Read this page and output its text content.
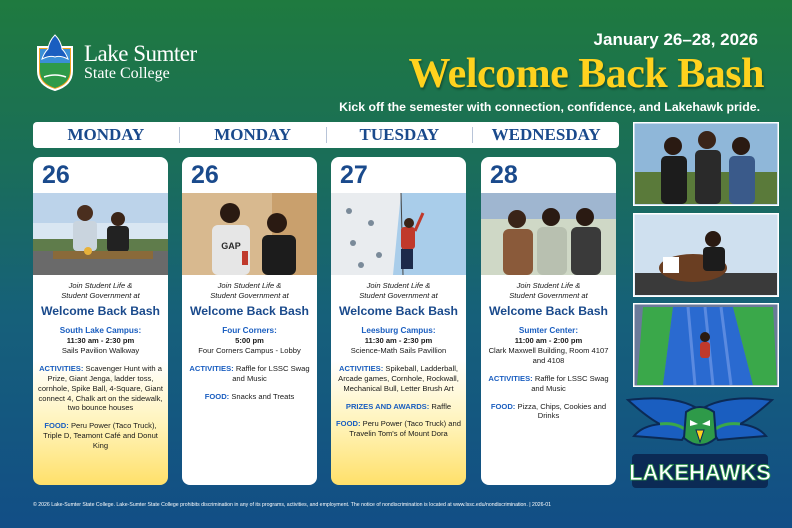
Lake Sumter
State College
January 26–28, 2026
Welcome Back Bash
Kick off the semester with connection, confidence, and Lakehawk pride.
MONDAY	MONDAY	TUESDAY	WEDNESDAY
26
Join Student Life &
Student Government at
Welcome Back Bash
South Lake Campus:
11:30 am - 2:30 pm
Sails Pavilion Walkway
ACTIVITIES: Scavenger Hunt with a Prize, Giant Jenga, ladder toss, cornhole, Spike Ball, 4-Square, Giant connect 4, Chalk art on the sidewalk, two bounce houses
FOOD: Peru Power (Taco Truck), Triple D, Teamont Café and Donut King
26
GAP
Join Student Life &
Student Government at
Welcome Back Bash
Four Corners:
5:00 pm
Four Corners Campus - Lobby
ACTIVITIES: Raffle for LSSC Swag and Music
FOOD: Snacks and Treats
27
Join Student Life &
Student Government at
Welcome Back Bash
Leesburg Campus:
11:30 am - 2:30 pm
Science-Math Sails Pavillion
ACTIVITIES: Spikeball, Ladderball, Arcade games, Cornhole, Rockwall, Mechanical Bull, Letter Brush Art
PRIZES AND AWARDS: Raffle
FOOD: Peru Power (Taco Truck) and Travelin Tom's of Mount Dora
28
Join Student Life &
Student Government at
Welcome Back Bash
Sumter Center:
11:00 am - 2:00 pm
Clark Maxwell Building, Room 4107 and 4108
ACTIVITIES: Raffle for LSSC Swag and Music
FOOD: Pizza, Chips, Cookies and Drinks
LAKEHAWKS
© 2026 Lake-Sumter State College. Lake-Sumter State College prohibits discrimination in any of its programs, activities, and employment. The notice of nondiscrimination is located at www.lssc.edu/nondiscrimination. | 2026-01
